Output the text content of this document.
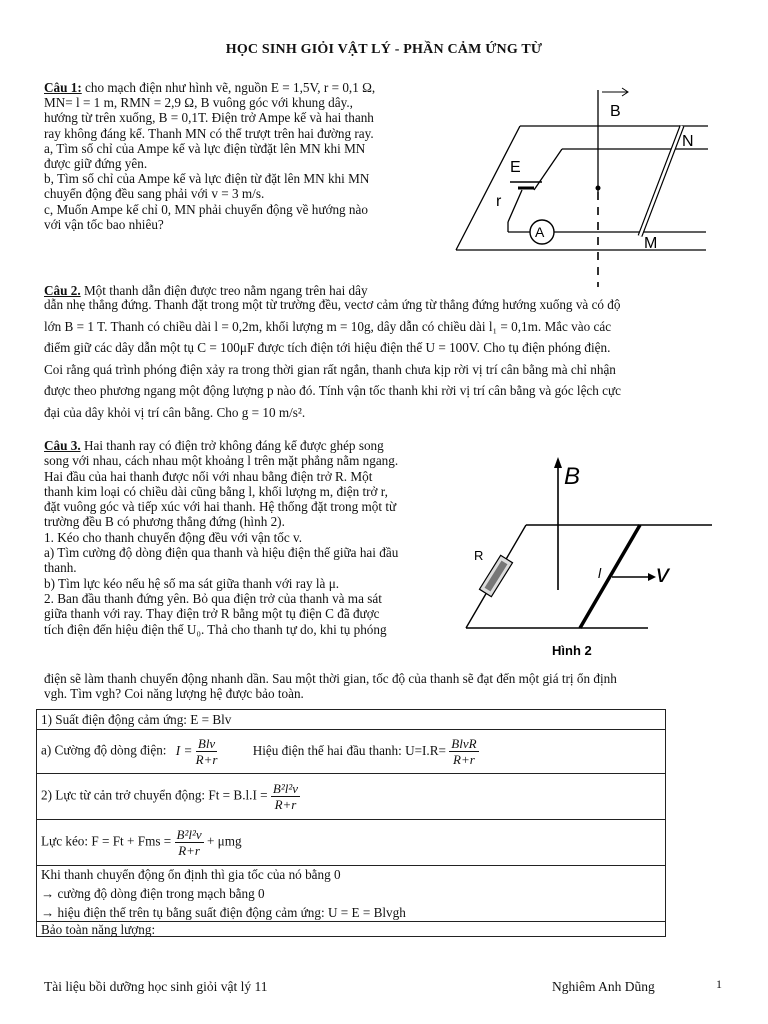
HỌC SINH GIỎI VẬT LÝ - PHẦN CẢM ỨNG TỪ
Câu 1: cho mạch điện như hình vẽ, nguồn E = 1,5V, r = 0,1 Ω,
MN= l = 1 m, RMN = 2,9 Ω, B vuông góc với khung dây.,
hướng từ trên xuống, B = 0,1T. Điện trở Ampe kế và hai thanh
ray không đáng kể. Thanh MN có thể trượt trên hai đường ray.
a, Tìm số chỉ của Ampe kế và lực điện từđặt lên MN khi MN
được giữ đứng yên.
b, Tìm số chỉ của Ampe kế và lực điện từ đặt lên MN khi MN
chuyển động đều sang phải với v = 3 m/s.
c, Muốn Ampe kế chỉ 0, MN phải chuyển động về hướng nào
với vận tốc bao nhiêu?	A
B
N
M
E
r
Câu 2. Một thanh dẫn điện được treo nằm ngang trên hai dây
dẫn nhẹ thẳng đứng. Thanh đặt trong một từ trường đều, vectơ cảm ứng từ thẳng đứng hướng xuống và có độ
lớn B = 1 T. Thanh có chiều dài l = 0,2m, khối lượng m = 10g, dây dẫn có chiều dài l₁ = 0,1m. Mắc vào các
điểm giữ các dây dẫn một tụ C = 100μF được tích điện tới hiệu điện thế U = 100V. Cho tụ điện phóng điện.
Coi rằng quá trình phóng điện xảy ra trong thời gian rất ngắn, thanh chưa kịp rời vị trí cân bằng mà chỉ nhận
được theo phương ngang một động lượng p nào đó. Tính vận tốc thanh khi rời vị trí cân bằng và góc lệch cực
đại của dây khỏi vị trí cân bằng. Cho g = 10 m/s².
Câu 3. Hai thanh ray có điện trở không đáng kể được ghép song
song với nhau, cách nhau một khoảng l trên mặt phẳng nằm ngang.
Hai đầu của hai thanh được nối với nhau bằng điện trở R. Một
thanh kim loại có chiều dài cũng bằng l, khối lượng m, điện trở r,
đặt vuông góc và tiếp xúc với hai thanh. Hệ thống đặt trong một từ
trường đều B có phương thẳng đứng (hình 2).
1. Kéo cho thanh chuyển động đều với vận tốc v.
a) Tìm cường độ dòng điện qua thanh và hiệu điện thế giữa hai đầu
thanh.
b) Tìm lực kéo nếu hệ số ma sát giữa thanh với ray là μ.
2. Ban đầu thanh đứng yên. Bỏ qua điện trở của thanh và ma sát
giữa thanh với ray. Thay điện trở R bằng một tụ điện C đã được
tích điện đến hiệu điện thế U₀. Thả cho thanh tự do, khi tụ phóng
điện sẽ làm thanh chuyển động nhanh dần. Sau một thời gian, tốc độ của thanh sẽ đạt đến một giá trị ổn định
vgh. Tìm vgh? Coi năng lượng hệ được bảo toàn.
R
B
l v
Hình 2
1) Suất điện động cảm ứng: E = Blv
a) Cường độ dòng điện: $I = \frac{\text{Blv}}{R+r}$	Hiệu điện thế hai đầu thanh: $U=I.R= \frac{\text{BlvR}}{R+r}$
2) Lực từ cản trở chuyển động: $Ft = B.l.I = \frac{\text{B²l²v}}{R+r}$
Lực kéo: F = Ft + Fms = $\frac{\text{B²l²v}}{R+r} + \mu mg$
Khi thanh chuyển động ổn định thì gia tốc của nó bằng 0
→ cường độ dòng điện trong mạch bằng 0
→ hiệu điện thế trên tụ bằng suất điện động cảm ứng: U = E = Blvgh
Bảo toàn năng lượng:
Tài liệu bồi dưỡng học sinh giỏi vật lý 11	Nghiêm Anh Dũng	1
